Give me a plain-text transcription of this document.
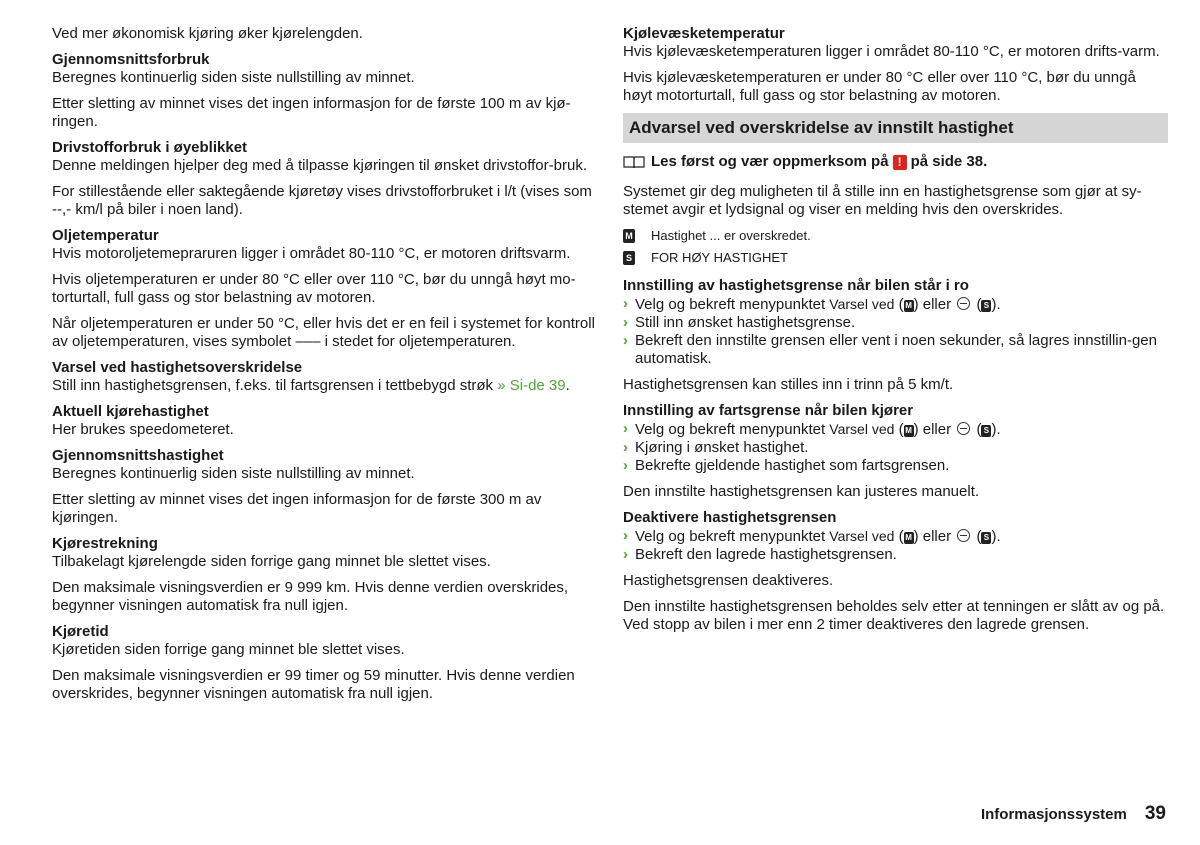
Ved mer økonomisk kjøring øker kjørelengden.

Gjennomsnittsforbruk

Beregnes kontinuerlig siden siste nullstilling av minnet.

Etter sletting av minnet vises det ingen informasjon for de første 100 m av kjø-ringen.

Drivstofforbruk i øyeblikket

Denne meldingen hjelper deg med å tilpasse kjøringen til ønsket drivstoffor-bruk.

For stillestående eller saktegående kjøretøy vises drivstofforbruket i l/t (vises som --,- km/l på biler i noen land).

Oljetemperatur

Hvis motoroljetemepraruren ligger i området 80-110 °C, er motoren driftsvarm.

Hvis oljetemperaturen er under 80 °C eller over 110 °C, bør du unngå høyt mo-torturtall, full gass og stor belastning av motoren.

Når oljetemperaturen er under 50 °C, eller hvis det er en feil i systemet for kontroll av oljetemperaturen, vises symbolet ––– i stedet for oljetemperaturen.

Varsel ved hastighetsoverskridelse

Still inn hastighetsgrensen, f.eks. til fartsgrensen i tettbebygd strøk » Si-de 39.

Aktuell kjørehastighet

Her brukes speedometeret.

Gjennomsnittshastighet

Beregnes kontinuerlig siden siste nullstilling av minnet.

Etter sletting av minnet vises det ingen informasjon for de første 300 m av kjøringen.

Kjørestrekning

Tilbakelagt kjørelengde siden forrige gang minnet ble slettet vises.

Den maksimale visningsverdien er 9 999 km. Hvis denne verdien overskrides, begynner visningen automatisk fra null igjen.

Kjøretid

Kjøretiden siden forrige gang minnet ble slettet vises.

Den maksimale visningsverdien er 99 timer og 59 minutter. Hvis denne verdien overskrides, begynner visningen automatisk fra null igjen.

Kjølevæsketemperatur

Hvis kjølevæsketemperaturen ligger i området 80-110 °C, er motoren drifts-varm.

Hvis kjølevæsketemperaturen er under 80 °C eller over 110 °C, bør du unngå høyt motorturtall, full gass og stor belastning av motoren.

Advarsel ved overskridelse av innstilt hastighet
Les først og vær oppmerksom på ! på side 38.

Systemet gir deg muligheten til å stille inn en hastighetsgrense som gjør at sy-stemet avgir et lydsignal og viser en melding hvis den overskrides.

M Hastighet ... er overskredet.
S FOR HØY HASTIGHET
Innstilling av hastighetsgrense når bilen står i ro
› Velg og bekreft menypunktet Varsel ved ( M ) eller  ( S ).
› Still inn ønsket hastighetsgrense.
› Bekreft den innstilte grensen eller vent i noen sekunder, så lagres innstillin-gen automatisk.

Hastighetsgrensen kan stilles inn i trinn på 5 km/t.

Innstilling av fartsgrense når bilen kjører
› Velg og bekreft menypunktet Varsel ved ( M ) eller  ( S ).
› Kjøring i ønsket hastighet.
› Bekrefte gjeldende hastighet som fartsgrensen.

Den innstilte hastighetsgrensen kan justeres manuelt.

Deaktivere hastighetsgrensen
› Velg og bekreft menypunktet Varsel ved ( M ) eller  ( S ).
› Bekreft den lagrede hastighetsgrensen.

Hastighetsgrensen deaktiveres.

Den innstilte hastighetsgrensen beholdes selv etter at tenningen er slått av og på. Ved stopp av bilen i mer enn 2 timer deaktiveres den lagrede grensen.

Informasjonssystem 39
